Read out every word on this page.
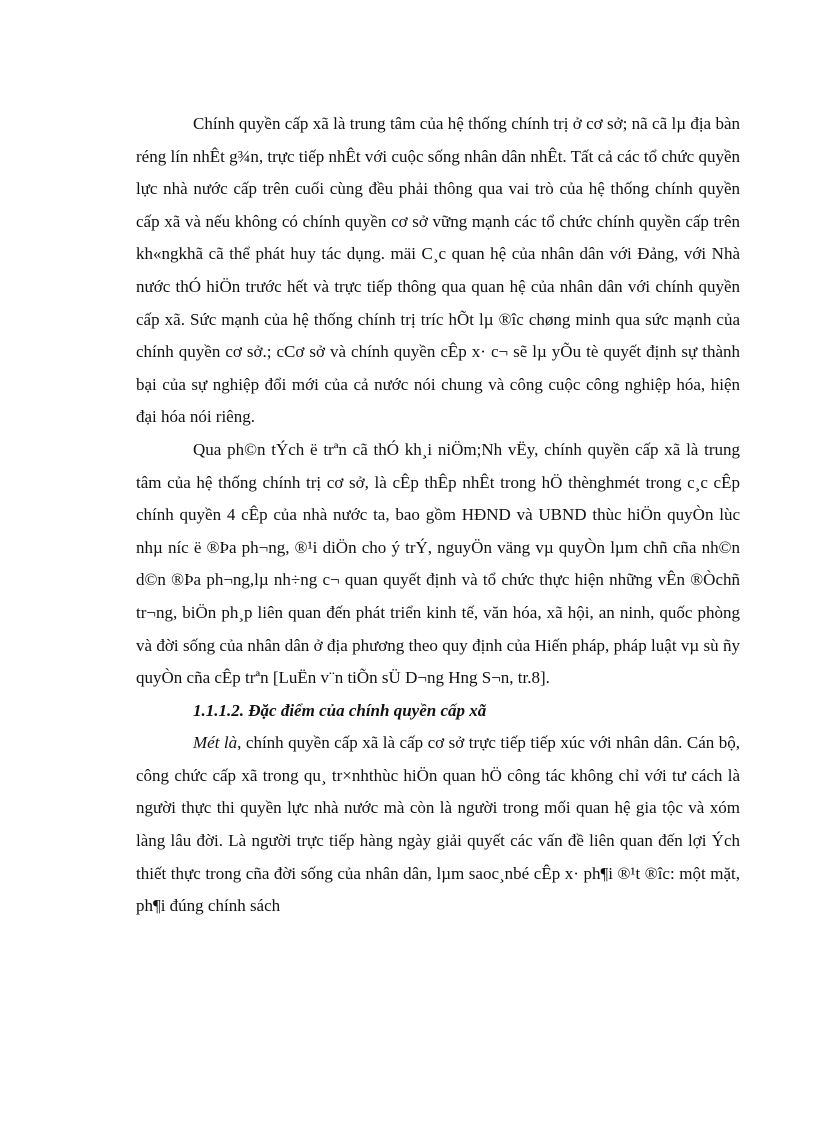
Chính quyền cấp xã là trung tâm của hệ thống chính trị ở cơ sở; nã cã lµ địa bàn réng lín nhÊt g¾n, trực tiếp nhÊt với cuộc sống nhân dân nhÊt. Tất cả các tổ chức quyền lực nhà nước cấp trên cuối cùng đều phải thông qua vai trò của hệ thống chính quyền cấp xã và nếu không có chính quyền cơ sở vững mạnh các tổ chức chính quyền cấp trên kh«ngkhã cã thể phát huy tác dụng. mäi C¸c quan hệ của nhân dân với Đảng, với Nhà nước thÓ hiÖn trước hết và trực tiếp thông qua quan hệ của nhân dân với chính quyền cấp xã. Sức mạnh của hệ thống chính trị tríc hÕt lµ ®îc chøng minh qua sức mạnh của chính quyền cơ sở.; cCơ sở và chính quyền cÊp x· c¬ sẽ lµ yÕu tè quyết định sự thành bại của sự nghiệp đổi mới của cả nước nói chung và công cuộc công nghiệp hóa, hiện đại hóa nói riêng.

Qua ph©n tÝch ë trªn cã thÓ kh¸i niÖm;Nh vËy, chính quyền cấp xã là trung tâm của hệ thống chính trị cơ sở, là cÊp thÊp nhÊt trong hÖ thènghmét trong c¸c cÊp chính quyền 4 cÊp của nhà nước ta, bao gồm HĐND và UBND thùc hiÖn quyÒn lùc nhµ níc ë ®Þa ph¬ng, ®¹i diÖn cho ý trÝ, nguyÖn väng vµ quyÒn lµm chñ cña nh©n d©n ®Þa ph¬ng,lµ nh÷ng c¬ quan quyết định và tổ chức thực hiện những vÊn ®Òchñ tr¬ng, biÖn ph¸p liên quan đến phát triển kinh tế, văn hóa, xã hội, an ninh, quốc phòng và đời sống của nhân dân ở địa phương theo quy định của Hiến pháp, pháp luật vµ sù ñy quyÒn cña cÊp trªn [LuËn v¨n tiÕn sÜ D¬ng Hng S¬n, tr.8].

1.1.1.2. Đặc điểm của chính quyền cấp xã

Mét là, chính quyền cấp xã là cấp cơ sở trực tiếp tiếp xúc với nhân dân. Cán bộ, công chức cấp xã trong qu¸ tr×nhthùc hiÖn quan hÖ công tác không chỉ với tư cách là người thực thi quyền lực nhà nước mà còn là người trong mối quan hệ gia tộc và xóm làng lâu đời. Là người trực tiếp hàng ngày giải quyết các vấn đề liên quan đến lợi Ých thiết thực trong cña đời sống của nhân dân, lµm saoc¸nbé cÊp x· ph¶i ®¹t ®îc: một mặt, ph¶i đúng chính sách
